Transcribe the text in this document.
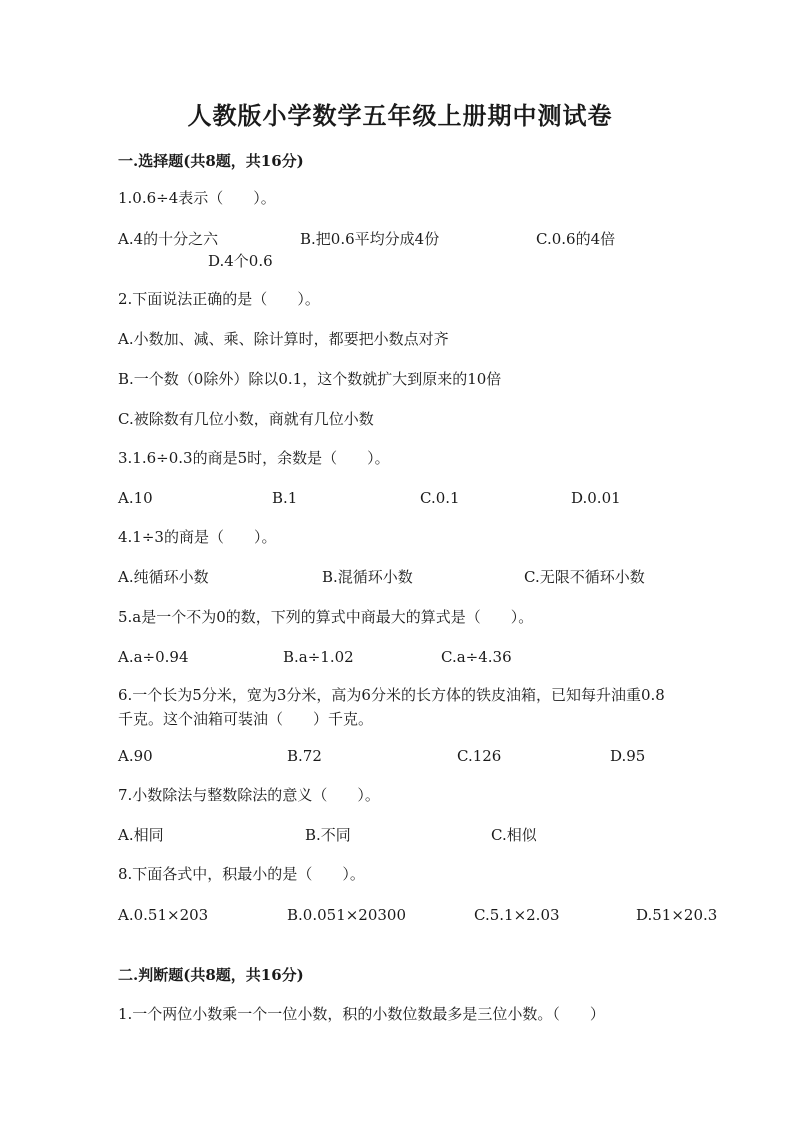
人教版小学数学五年级上册期中测试卷
一.选择题(共8题，共16分)
1.0.6÷4表示（　　）。
A.4的十分之六	B.把0.6平均分成4份	C.0.6的4倍
D.4个0.6
2.下面说法正确的是（　　）。
A.小数加、减、乘、除计算时，都要把小数点对齐
B.一个数（0除外）除以0.1，这个数就扩大到原来的10倍
C.被除数有几位小数，商就有几位小数
3.1.6÷0.3的商是5时，余数是（　　）。
A.10	B.1	C.0.1	D.0.01
4.1÷3的商是（　　）。
A.纯循环小数	B.混循环小数	C.无限不循环小数
5.a是一个不为0的数，下列的算式中商最大的算式是（　　）。
A.a÷0.94	B.a÷1.02	C.a÷4.36
6.一个长为5分米，宽为3分米，高为6分米的长方体的铁皮油箱，已知每升油重0.8千克。这个油箱可装油（　　）千克。
A.90	B.72	C.126	D.95
7.小数除法与整数除法的意义（　　）。
A.相同	B.不同	C.相似
8.下面各式中，积最小的是（　　）。
A.0.51×203	B.0.051×20300	C.5.1×2.03	D.51×20.3
二.判断题(共8题，共16分)
1.一个两位小数乘一个一位小数，积的小数位数最多是三位小数。（　　）
